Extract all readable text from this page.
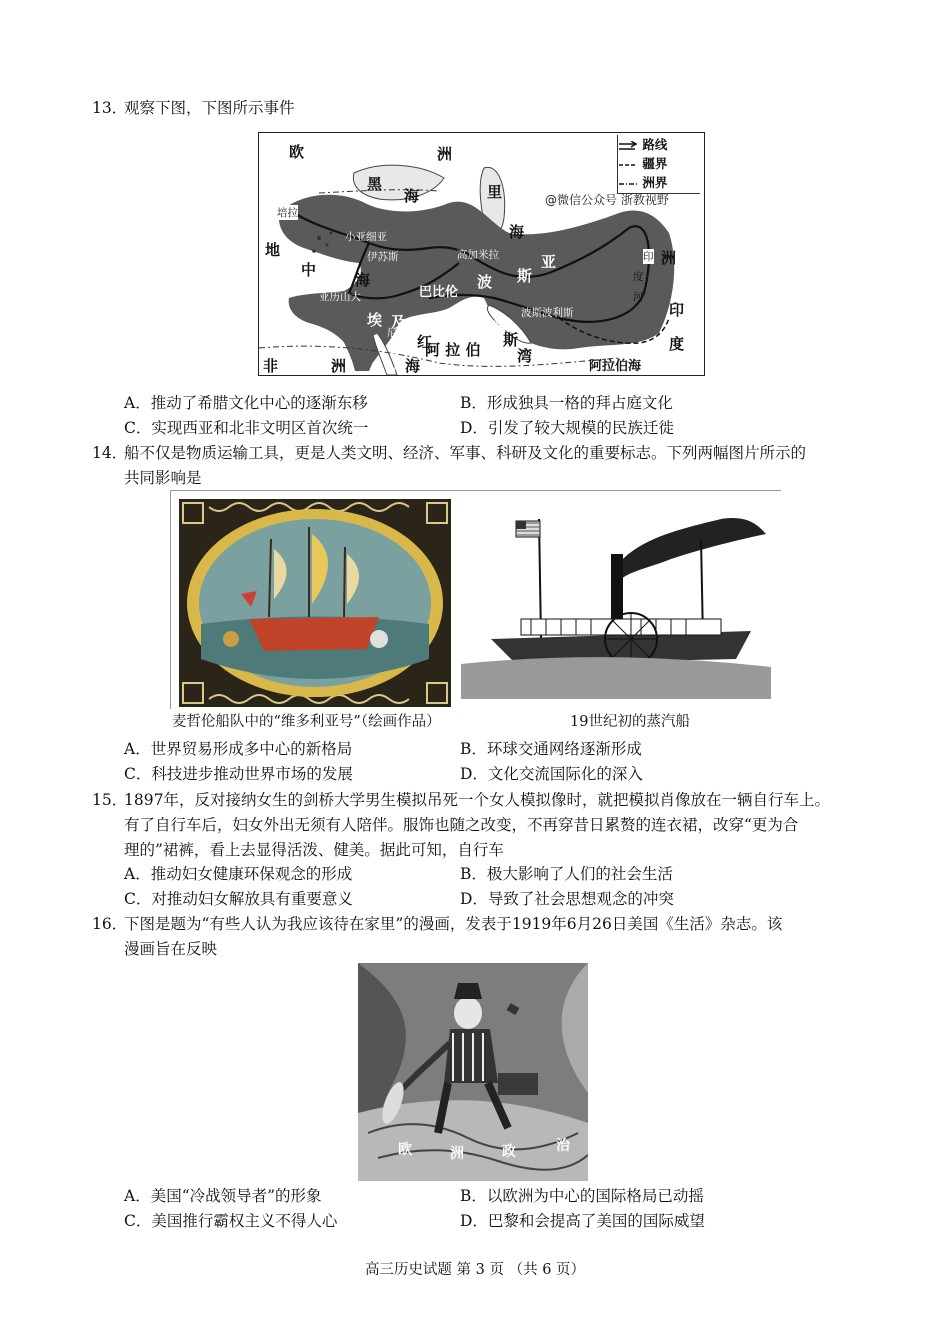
13．观察下图，下图所示事件
路线
疆界
洲界
@微信公众号 浙教视野
欧	洲
黑
海	里
海
培拉
小亚细亚
伊苏斯	高加米拉
地
中
海
亚历山大	巴比伦
波 斯
亚
波斯波利斯
埃 及
尼
罗
河
红
海
非	洲
阿 拉 伯
波
斯
湾
阿拉伯海
印
度
河
洲
印
度
A．推动了希腊文化中心的逐渐东移	B．形成独具一格的拜占庭文化
C．实现西亚和北非文明区首次统一	D．引发了较大规模的民族迁徙
14．船不仅是物质运输工具，更是人类文明、经济、军事、科研及文化的重要标志。下列两幅图片所示的
共同影响是
麦哲伦船队中的“维多利亚号”（绘画作品）	19世纪初的蒸汽船
A．世界贸易形成多中心的新格局	B．环球交通网络逐渐形成
C．科技进步推动世界市场的发展	D．文化交流国际化的深入
15．1897年，反对接纳女生的剑桥大学男生模拟吊死一个女人模拟像时，就把模拟肖像放在一辆自行车上。
有了自行车后，妇女外出无须有人陪伴。服饰也随之改变，不再穿昔日累赘的连衣裙，改穿“更为合
理的”裙裤，看上去显得活泼、健美。据此可知，自行车
A．推动妇女健康环保观念的形成	B．极大影响了人们的社会生活
C．对推动妇女解放具有重要意义	D．导致了社会思想观念的冲突
16．下图是题为“有些人认为我应该待在家里”的漫画，发表于1919年6月26日美国《生活》杂志。该
漫画旨在反映
欧	洲	政	治
A．美国“冷战领导者”的形象	B．以欧洲为中心的国际格局已动摇
C．美国推行霸权主义不得人心	D．巴黎和会提高了美国的国际威望
高三历史试题 第 3 页 （共 6 页）
